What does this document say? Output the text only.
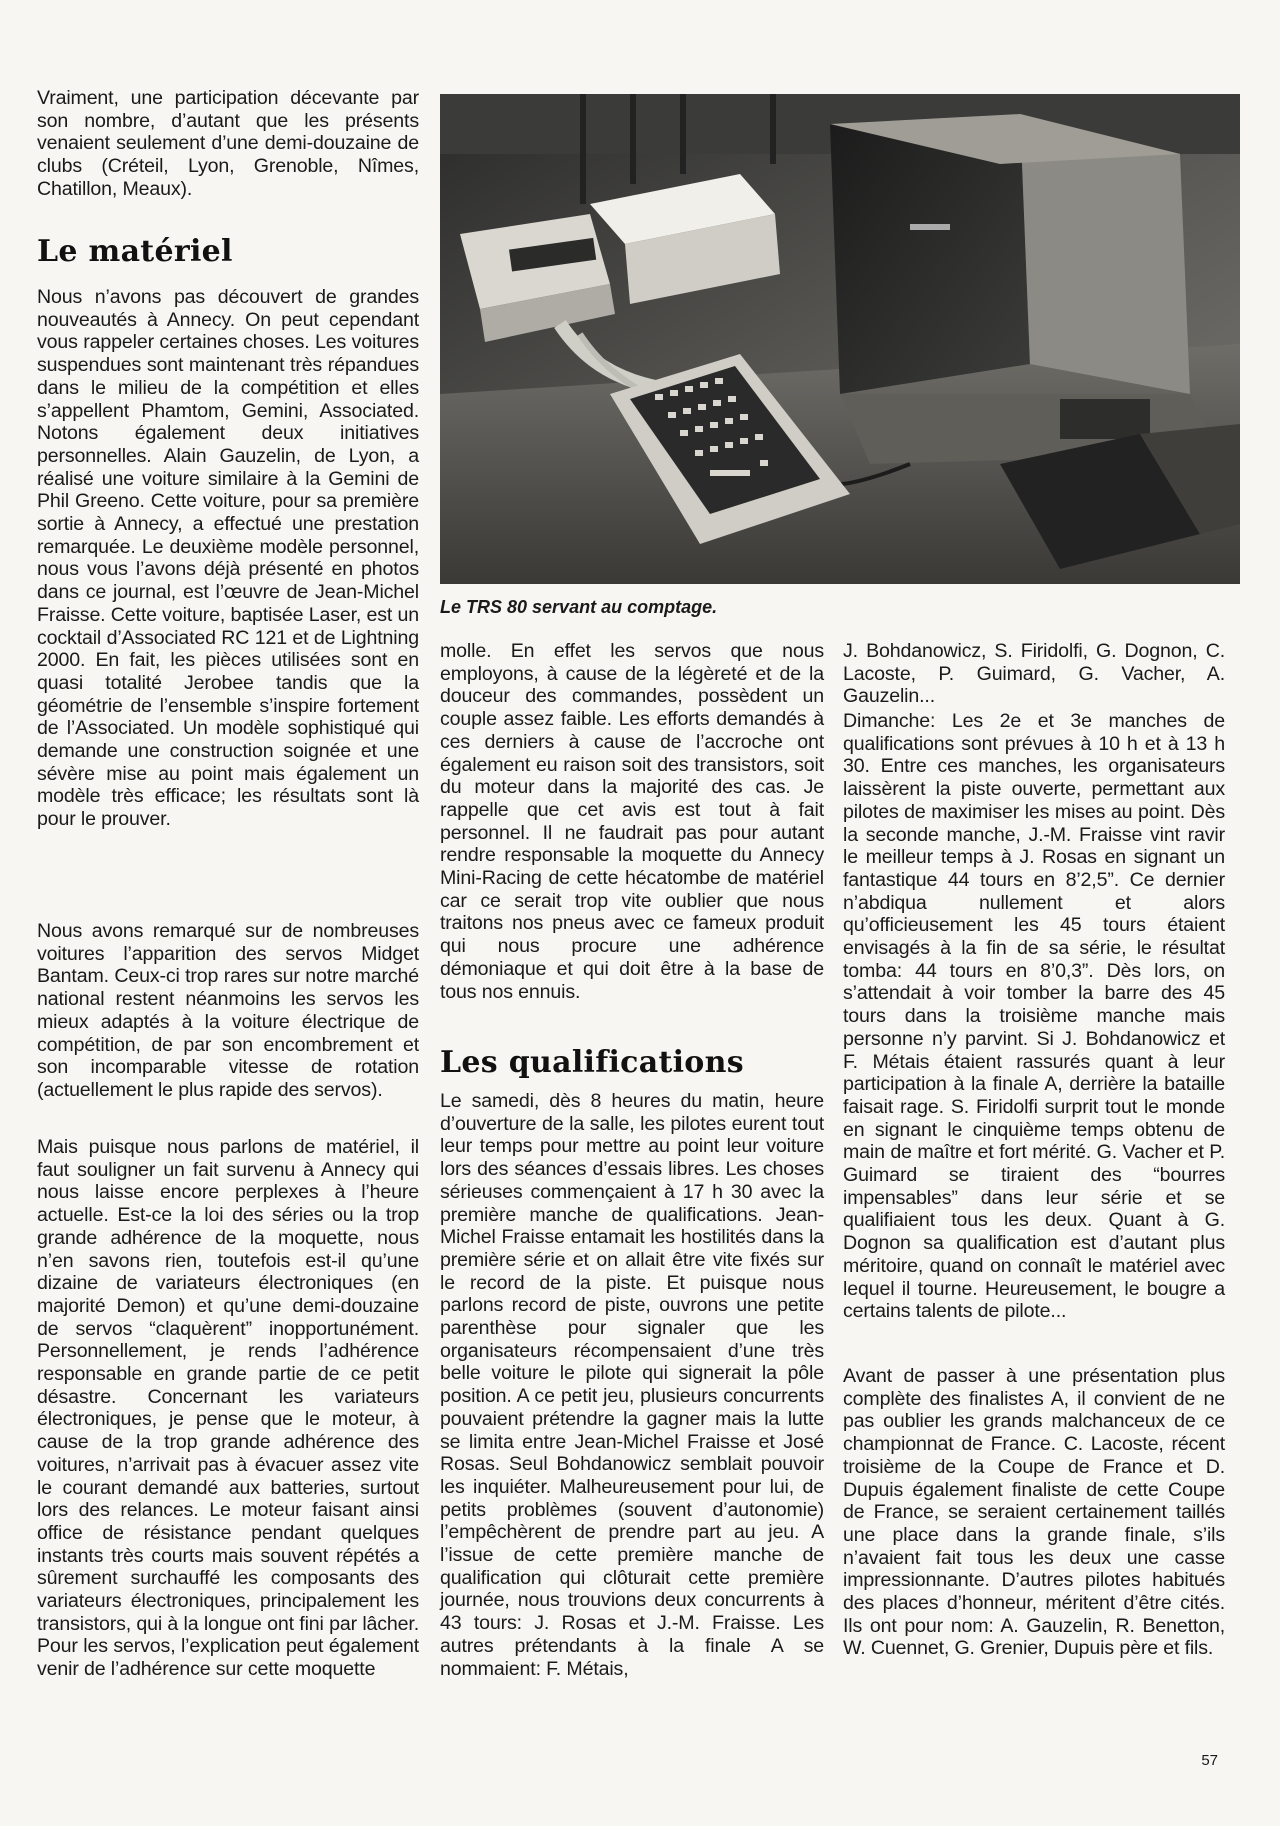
Vraiment, une participation décevante par son nombre, d’autant que les présents venaient seulement d’une demi-douzaine de clubs (Créteil, Lyon, Grenoble, Nîmes, Chatillon, Meaux).

Le matériel

Nous n’avons pas découvert de grandes nouveautés à Annecy. On peut cependant vous rappeler certaines choses. Les voitures suspendues sont maintenant très répandues dans le milieu de la compétition et elles s’appellent Phamtom, Gemini, Associated. Notons également deux initiatives personnelles. Alain Gauzelin, de Lyon, a réalisé une voiture similaire à la Gemini de Phil Greeno. Cette voiture, pour sa première sortie à Annecy, a effectué une prestation remarquée. Le deuxième modèle personnel, nous vous l’avons déjà présenté en photos dans ce journal, est l’œuvre de Jean-Michel Fraisse. Cette voiture, baptisée Laser, est un cocktail d’Associated RC 121 et de Lightning 2000. En fait, les pièces utilisées sont en quasi totalité Jerobee tandis que la géométrie de l’ensemble s’inspire fortement de l’Associated. Un modèle sophistiqué qui demande une construction soignée et une sévère mise au point mais également un modèle très efficace; les résultats sont là pour le prouver.

Nous avons remarqué sur de nombreuses voitures l’apparition des servos Midget Bantam. Ceux-ci trop rares sur notre marché national restent néanmoins les servos les mieux adaptés à la voiture électrique de compétition, de par son encombrement et son incomparable vitesse de rotation (actuellement le plus rapide des servos).

Mais puisque nous parlons de matériel, il faut souligner un fait survenu à Annecy qui nous laisse encore perplexes à l’heure actuelle. Est-ce la loi des séries ou la trop grande adhérence de la moquette, nous n’en savons rien, toutefois est-il qu’une dizaine de variateurs électroniques (en majorité Demon) et qu’une demi-douzaine de servos “claquèrent” inopportunément. Personnellement, je rends l’adhérence responsable en grande partie de ce petit désastre. Concernant les variateurs électroniques, je pense que le moteur, à cause de la trop grande adhérence des voitures, n’arrivait pas à évacuer assez vite le courant demandé aux batteries, surtout lors des relances. Le moteur faisant ainsi office de résistance pendant quelques instants très courts mais souvent répétés a sûrement surchauffé les composants des variateurs électroniques, principalement les transistors, qui à la longue ont fini par lâcher. Pour les servos, l’explication peut également venir de l’adhérence sur cette moquette

Le TRS 80 servant au comptage.

molle. En effet les servos que nous employons, à cause de la légèreté et de la douceur des commandes, possèdent un couple assez faible. Les efforts demandés à ces derniers à cause de l’accroche ont également eu raison soit des transistors, soit du moteur dans la majorité des cas. Je rappelle que cet avis est tout à fait personnel. Il ne faudrait pas pour autant rendre responsable la moquette du Annecy Mini-Racing de cette hécatombe de matériel car ce serait trop vite oublier que nous traitons nos pneus avec ce fameux produit qui nous procure une adhérence démoniaque et qui doit être à la base de tous nos ennuis.

Les qualifications

Le samedi, dès 8 heures du matin, heure d’ouverture de la salle, les pilotes eurent tout leur temps pour mettre au point leur voiture lors des séances d’essais libres. Les choses sérieuses commençaient à 17 h 30 avec la première manche de qualifications. Jean-Michel Fraisse entamait les hostilités dans la première série et on allait être vite fixés sur le record de la piste. Et puisque nous parlons record de piste, ouvrons une petite parenthèse pour signaler que les organisateurs récompensaient d’une très belle voiture le pilote qui signerait la pôle position. A ce petit jeu, plusieurs concurrents pouvaient prétendre la gagner mais la lutte se limita entre Jean-Michel Fraisse et José Rosas. Seul Bohdanowicz semblait pouvoir les inquiéter. Malheureusement pour lui, de petits problèmes (souvent d’autonomie) l’empêchèrent de prendre part au jeu. A l’issue de cette première manche de qualification qui clôturait cette première journée, nous trouvions deux concurrents à 43 tours: J. Rosas et J.-M. Fraisse. Les autres prétendants à la finale A se nommaient: F. Métais,

J. Bohdanowicz, S. Firidolfi, G. Dognon, C. Lacoste, P. Guimard, G. Vacher, A. Gauzelin...

Dimanche: Les 2e et 3e manches de qualifications sont prévues à 10 h et à 13 h 30. Entre ces manches, les organisateurs laissèrent la piste ouverte, permettant aux pilotes de maximiser les mises au point. Dès la seconde manche, J.-M. Fraisse vint ravir le meilleur temps à J. Rosas en signant un fantastique 44 tours en 8’2,5”. Ce dernier n’abdiqua nullement et alors qu’officieusement les 45 tours étaient envisagés à la fin de sa série, le résultat tomba: 44 tours en 8’0,3”. Dès lors, on s’attendait à voir tomber la barre des 45 tours dans la troisième manche mais personne n’y parvint. Si J. Bohdanowicz et F. Métais étaient rassurés quant à leur participation à la finale A, derrière la bataille faisait rage. S. Firidolfi surprit tout le monde en signant le cinquième temps obtenu de main de maître et fort mérité. G. Vacher et P. Guimard se tiraient des “bourres impensables” dans leur série et se qualifiaient tous les deux. Quant à G. Dognon sa qualification est d’autant plus méritoire, quand on connaît le matériel avec lequel il tourne. Heureusement, le bougre a certains talents de pilote...

Avant de passer à une présentation plus complète des finalistes A, il convient de ne pas oublier les grands malchanceux de ce championnat de France. C. Lacoste, récent troisième de la Coupe de France et D. Dupuis également finaliste de cette Coupe de France, se seraient certainement taillés une place dans la grande finale, s’ils n’avaient fait tous les deux une casse impressionnante. D’autres pilotes habitués des places d’honneur, méritent d’être cités. Ils ont pour nom: A. Gauzelin, R. Benetton, W. Cuennet, G. Grenier, Dupuis père et fils.

57
